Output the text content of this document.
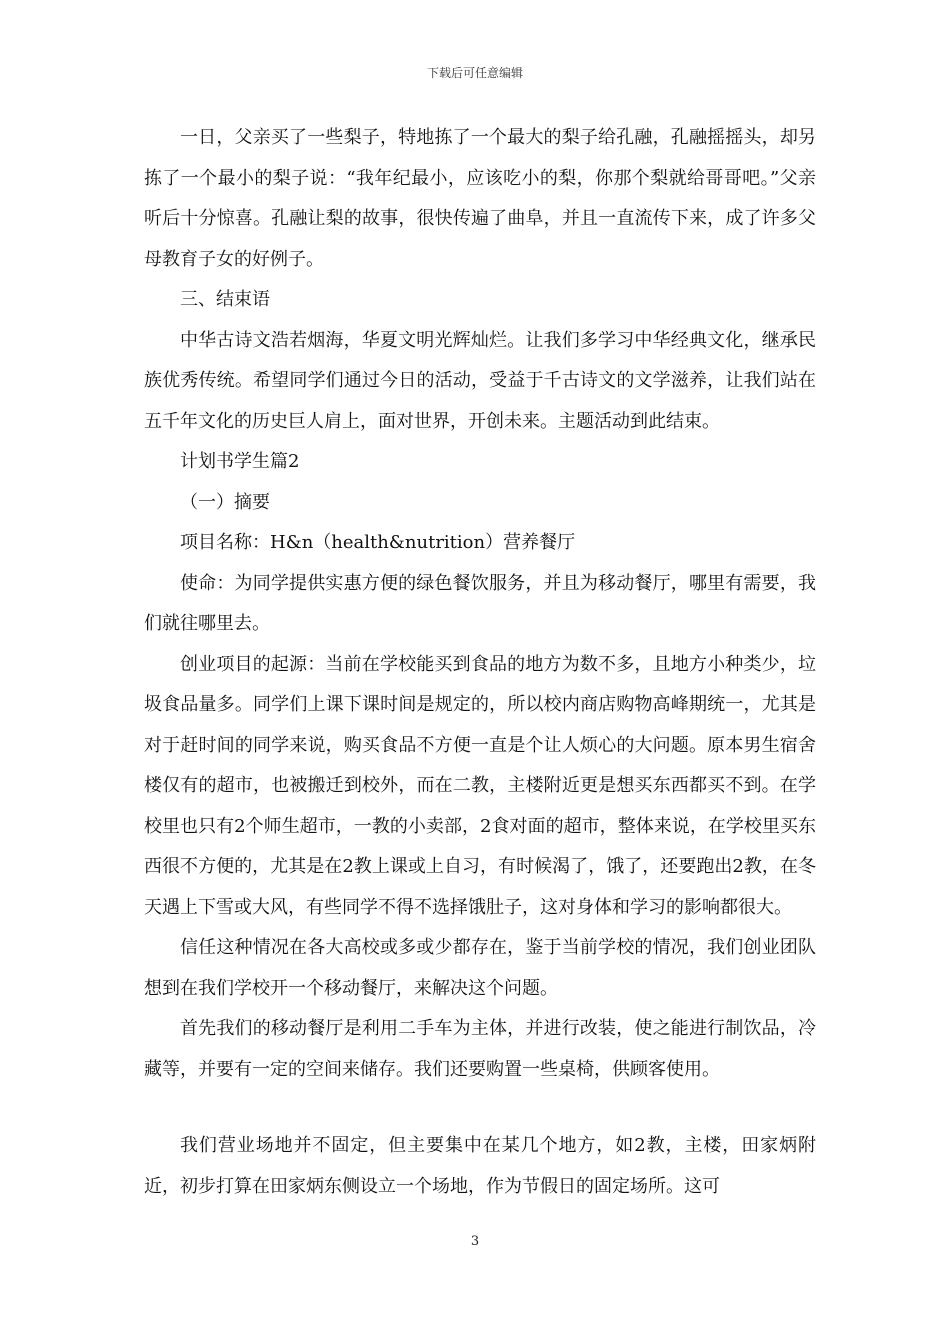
下载后可任意编辑

一日，父亲买了一些梨子，特地拣了一个最大的梨子给孔融，孔融摇摇头，却另拣了一个最小的梨子说：“我年纪最小，应该吃小的梨，你那个梨就给哥哥吧。”父亲听后十分惊喜。孔融让梨的故事，很快传遍了曲阜，并且一直流传下来，成了许多父母教育子女的好例子。

三、结束语

中华古诗文浩若烟海，华夏文明光辉灿烂。让我们多学习中华经典文化，继承民族优秀传统。希望同学们通过今日的活动，受益于千古诗文的文学滋养，让我们站在五千年文化的历史巨人肩上，面对世界，开创未来。主题活动到此结束。

计划书学生篇2

（一）摘要

项目名称：H&n（health&nutrition）营养餐厅

使命：为同学提供实惠方便的绿色餐饮服务，并且为移动餐厅，哪里有需要，我们就往哪里去。

创业项目的起源：当前在学校能买到食品的地方为数不多，且地方小种类少，垃圾食品量多。同学们上课下课时间是规定的，所以校内商店购物高峰期统一，尤其是对于赶时间的同学来说，购买食品不方便一直是个让人烦心的大问题。原本男生宿舍楼仅有的超市，也被搬迁到校外，而在二教，主楼附近更是想买东西都买不到。在学校里也只有2个师生超市，一教的小卖部，2食对面的超市，整体来说，在学校里买东西很不方便的，尤其是在2教上课或上自习，有时候渴了，饿了，还要跑出2教，在冬天遇上下雪或大风，有些同学不得不选择饿肚子，这对身体和学习的影响都很大。

信任这种情况在各大高校或多或少都存在，鉴于当前学校的情况，我们创业团队想到在我们学校开一个移动餐厅，来解决这个问题。

首先我们的移动餐厅是利用二手车为主体，并进行改装，使之能进行制饮品，冷藏等，并要有一定的空间来储存。我们还要购置一些桌椅，供顾客使用。

我们营业场地并不固定，但主要集中在某几个地方，如2教，主楼，田家炳附近，初步打算在田家炳东侧设立一个场地，作为节假日的固定场所。这可

3
